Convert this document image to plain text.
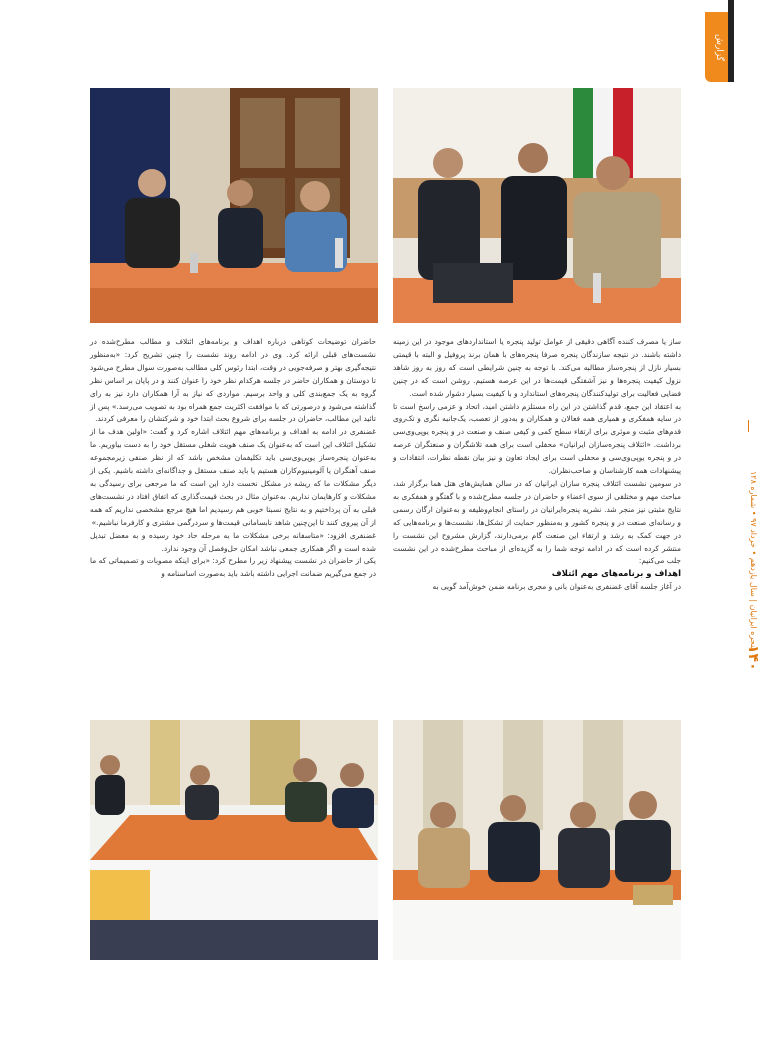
گزارش
پنجره ایرانیان | سال یازدهم • خرداد ۹۷ • شماره ۱۲۸
۱۴۰

حاضران توضیحات کوتاهی درباره اهداف و برنامه‌های ائتلاف و مطالب مطرح‌شده در نشست‌های قبلی ارائه کرد. وی در ادامه روند نشست را چنین تشریح کرد: «به‌منظور نتیجه‌گیری بهتر و صرفه‌جویی در وقت، ابتدا رئوس کلی مطالب به‌صورت سوال مطرح می‌شود تا دوستان و همکاران حاضر در جلسه هرکدام نظر خود را عنوان کنند و در پایان بر اساس نظر گروه به یک جمع‌بندی کلی و واحد برسیم. موارد‌ی که نیاز به آرا همکاران دارد نیز به رای گذاشته می‌شود و درصورتی که با موافقت اکثریت جمع همراه بود به تصویب می‌رسد.» پس از تائید این مطالب، حاضران در جلسه برای شروع بحث ابتدا خود و شرکتشان را معرفی کردند.

غضنفری در ادامه به اهداف و برنامه‌های مهم ائتلاف اشاره کرد و گفت: «اولین هدف ما از تشکیل ائتلاف این است که به‌عنوان یک صنف هویت شغلی مستقل خود را به دست بیاوریم. ما به‌عنوان پنجره‌ساز یوپی‌وی‌سی باید تکلیفمان مشخص باشد که از نظر صنفی زیرمجموعه صنف آهنگران یا آلومینیوم‌کاران هستیم یا باید صنف مستقل و جداگانه‌ای داشته باشیم. یکی از دیگر مشکلات ما که ریشه در مشکل نخست دارد این است که ما مرجعی برای رسیدگی به مشکلات و کارهایمان نداریم. به‌عنوان مثال در بحث قیمت‌گذاری که اتفاق افتاد در نشست‌های قبلی به آن پرداختیم و به نتایج نسبتا خوبی هم رسیدیم اما هیچ مرجع مشخصی نداریم که همه از آن پیروی کنند تا این‌چنین شاهد نابسامانی قیمت‌ها و سردرگمی مشتری و کارفرما نباشیم.»

غضنفری افزود: «متاسفانه برخی مشکلات ما به مرحله حاد خود رسیده و به معضل تبدیل شده است و اگر همکاری جمعی نباشد امکان حل‌وفصل آن وجود ندارد.

یکی از حاضران در نشست پیشنهاد زیر را مطرح کرد: «برای اینکه مصوبات و تصمیماتی که ما در جمع می‌گیریم ضمانت اجرایی داشته باشد باید به‌صورت اساسنامه و

ساز یا مصرف کننده آگاهی دقیقی از عوامل تولید پنجره یا استانداردهای موجود در این زمینه داشته باشند. در نتیجه سازندگان پنجره صرفا پنجره‌های با همان برند پروفیل و البته با قیمتی بسیار نازل از پنجره‌ساز مطالبه می‌کند. با توجه به چنین شرایطی است که روز به روز شاهد نزول کیفیت پنجره‌ها و نیز آشفتگی قیمت‌ها در این عرصه هستیم. روشن است که در چنین فضایی فعالیت برای تولیدکنندگان پنجره‌های استاندارد و با کیفیت بسیار دشوار شده است.

به اعتقاد این جمع، قدم گذاشتن در این راه مستلزم داشتن امید، اتحاد و عزمی راسخ است تا در سایه همفکری و همیاری همه فعالان و همکاران و به‌دور از تعصب، یک‌جانبه نگری و تک‌روی قدم‌های مثبت و موثری برای ارتقاء سطح کمی و کیفی صنف و صنعت در و پنجره یوپی‌وی‌سی برداشت. «ائتلاف پنجره‌سازان ایرانیان» محفلی است برای همه تلاشگران و صنعتگران عرصه در و پنجره یوپی‌وی‌سی و محفلی است برای ایجاد تعاون و نیز بیان نقطه نظرات، انتقادات و پیشنهادات همه کارشناسان و صاحب‌نظران.

در سومین نشست ائتلاف پنجره سازان ایرانیان که در سالن همایش‌های هتل هما برگزار شد، مباحث مهم و مختلفی از سوی اعضاء و حاضران در جلسه مطرح‌شده و با گفتگو و همفکری به نتایج مثبتی نیز منجر شد. نشریه پنجره‌ایرانیان در راستای انجام‌وظیفه و به‌عنوان ارگان رسمی و رسانه‌ای صنعت در و پنجره کشور و به‌منظور حمایت از تشکل‌ها، نشست‌ها و برنامه‌هایی که در جهت کمک به رشد و ارتقاء این صنعت گام برمی‌دارند، گزارش مشروح این نشست را منتشر کرده است که در ادامه توجه شما را به گزیده‌ای از مباحث مطرح‌شده در این نشست جلب می‌کنیم:

اهداف و برنامه‌های مهم ائتلاف

در آغاز جلسه آقای غضنفری به‌عنوان بانی و مجری برنامه ضمن خوش‌آمد گویی به
